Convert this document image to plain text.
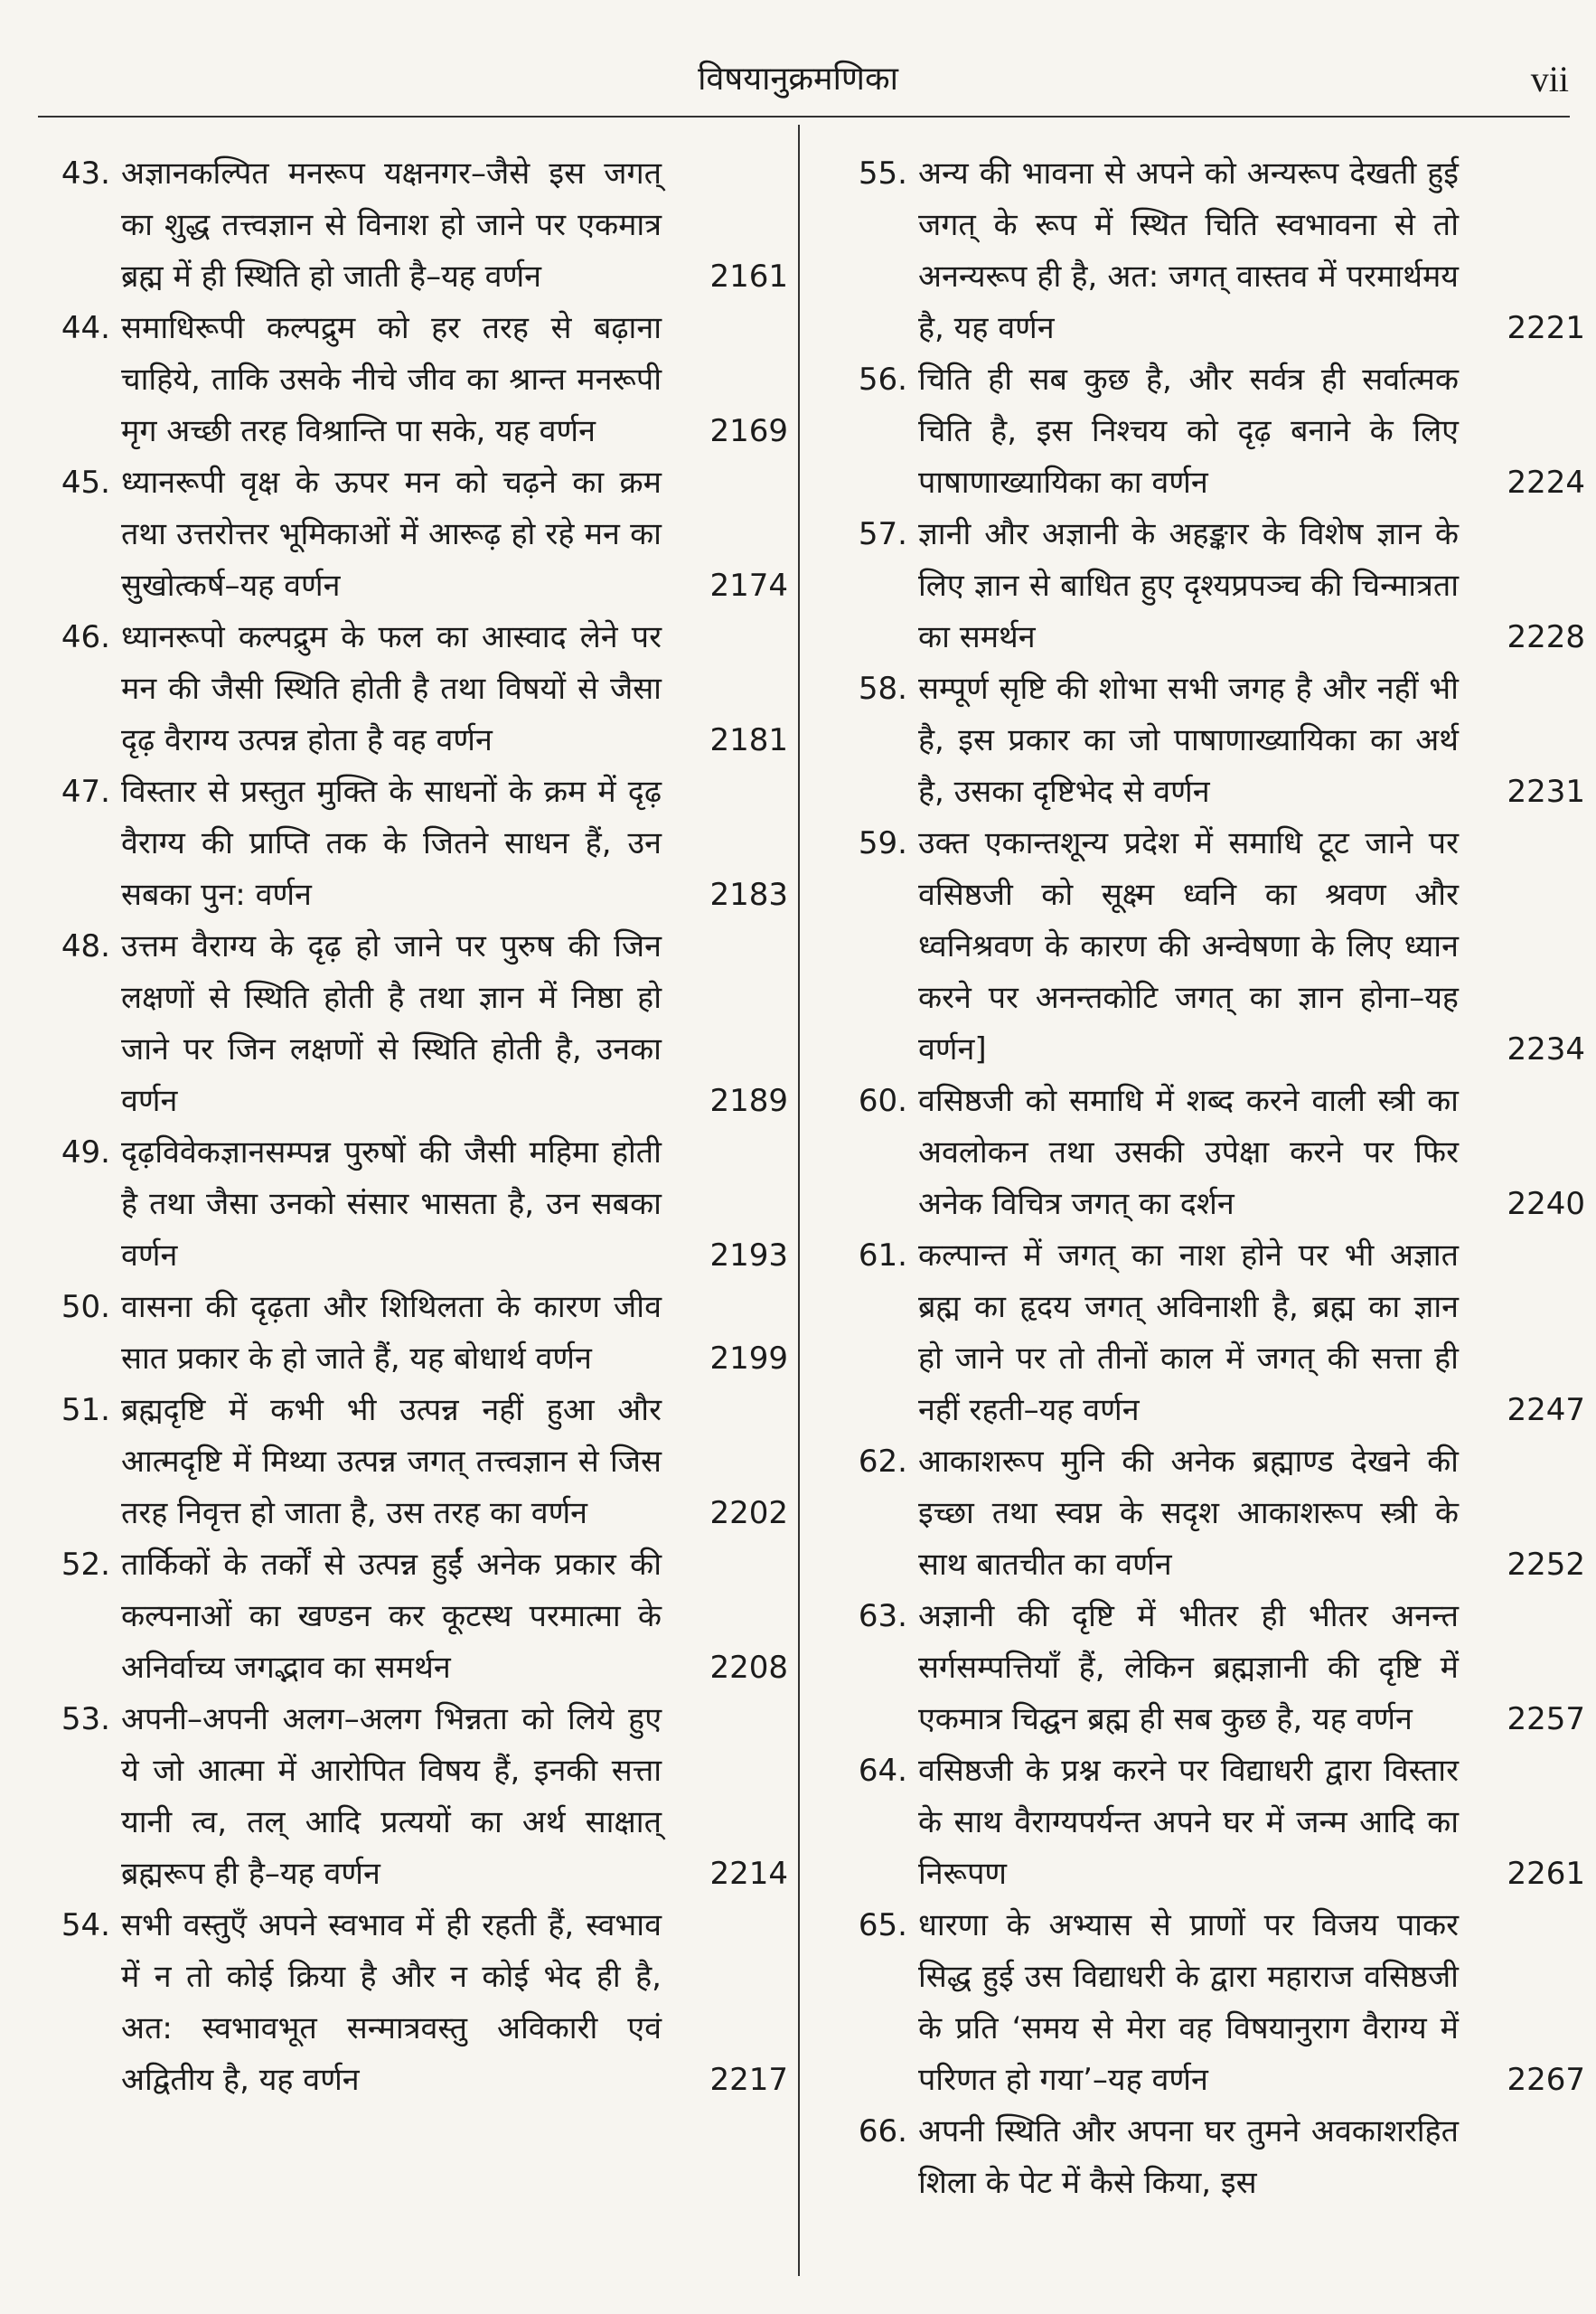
विषयानुक्रमणिका	vii
43. अज्ञानकल्पित मनरूप यक्षनगर–जैसे इस जगत् का शुद्ध तत्त्वज्ञान से विनाश हो जाने पर एकमात्र ब्रह्म में ही स्थिति हो जाती है–यह वर्णन	2161
44. समाधिरूपी कल्पद्रुम को हर तरह से बढ़ाना चाहिये, ताकि उसके नीचे जीव का श्रान्त मनरूपी मृग अच्छी तरह विश्रान्ति पा सके, यह वर्णन	2169
45. ध्यानरूपी वृक्ष के ऊपर मन को चढ़ने का क्रम तथा उत्तरोत्तर भूमिकाओं में आरूढ़ हो रहे मन का सुखोत्कर्ष–यह वर्णन	2174
46. ध्यानरूपो कल्पद्रुम के फल का आस्वाद लेने पर मन की जैसी स्थिति होती है तथा विषयों से जैसा दृढ़ वैराग्य उत्पन्न होता है वह वर्णन	2181
47. विस्तार से प्रस्तुत मुक्ति के साधनों के क्रम में दृढ़ वैराग्य की प्राप्ति तक के जितने साधन हैं, उन सबका पुन: वर्णन	2183
48. उत्तम वैराग्य के दृढ़ हो जाने पर पुरुष की जिन लक्षणों से स्थिति होती है तथा ज्ञान में निष्ठा हो जाने पर जिन लक्षणों से स्थिति होती है, उनका वर्णन	2189
49. दृढ़विवेकज्ञानसम्पन्न पुरुषों की जैसी महिमा होती है तथा जैसा उनको संसार भासता है, उन सबका वर्णन	2193
50. वासना की दृढ़ता और शिथिलता के कारण जीव सात प्रकार के हो जाते हैं, यह बोधार्थ वर्णन	2199
51. ब्रह्मदृष्टि में कभी भी उत्पन्न नहीं हुआ और आत्मदृष्टि में मिथ्या उत्पन्न जगत् तत्त्वज्ञान से जिस तरह निवृत्त हो जाता है, उस तरह का वर्णन	2202
52. तार्किकों के तर्कों से उत्पन्न हुईं अनेक प्रकार की कल्पनाओं का खण्डन कर कूटस्थ परमात्मा के अनिर्वाच्य जगद्भाव का समर्थन	2208
53. अपनी–अपनी अलग–अलग भिन्नता को लिये हुए ये जो आत्मा में आरोपित विषय हैं, इनकी सत्ता यानी त्व, तल् आदि प्रत्ययों का अर्थ साक्षात् ब्रह्मरूप ही है–यह वर्णन	2214
54. सभी वस्तुएँ अपने स्वभाव में ही रहती हैं, स्वभाव में न तो कोई क्रिया है और न कोई भेद ही है, अत: स्वभावभूत सन्मात्रवस्तु अविकारी एवं अद्वितीय है, यह वर्णन	2217
55. अन्य की भावना से अपने को अन्यरूप देखती हुई जगत् के रूप में स्थित चिति स्वभावना से तो अनन्यरूप ही है, अत: जगत् वास्तव में परमार्थमय है, यह वर्णन	2221
56. चिति ही सब कुछ है, और सर्वत्र ही सर्वात्मक चिति है, इस निश्चय को दृढ़ बनाने के लिए पाषाणाख्यायिका का वर्णन	2224
57. ज्ञानी और अज्ञानी के अहङ्कार के विशेष ज्ञान के लिए ज्ञान से बाधित हुए दृश्यप्रपञ्च की चिन्मात्रता का समर्थन	2228
58. सम्पूर्ण सृष्टि की शोभा सभी जगह है और नहीं भी है, इस प्रकार का जो पाषाणाख्यायिका का अर्थ है, उसका दृष्टिभेद से वर्णन	2231
59. उक्त एकान्तशून्य प्रदेश में समाधि टूट जाने पर वसिष्ठजी को सूक्ष्म ध्वनि का श्रवण और ध्वनिश्रवण के कारण की अन्वेषणा के लिए ध्यान करने पर अनन्तकोटि जगत् का ज्ञान होना–यह वर्णन]	2234
60. वसिष्ठजी को समाधि में शब्द करने वाली स्त्री का अवलोकन तथा उसकी उपेक्षा करने पर फिर अनेक विचित्र जगत् का दर्शन	2240
61. कल्पान्त में जगत् का नाश होने पर भी अज्ञात ब्रह्म का हृदय जगत् अविनाशी है, ब्रह्म का ज्ञान हो जाने पर तो तीनों काल में जगत् की सत्ता ही नहीं रहती–यह वर्णन	2247
62. आकाशरूप मुनि की अनेक ब्रह्माण्ड देखने की इच्छा तथा स्वप्न के सदृश आकाशरूप स्त्री के साथ बातचीत का वर्णन	2252
63. अज्ञानी की दृष्टि में भीतर ही भीतर अनन्त सर्गसम्पत्तियाँ हैं, लेकिन ब्रह्मज्ञानी की दृष्टि में एकमात्र चिद्घन ब्रह्म ही सब कुछ है, यह वर्णन	2257
64. वसिष्ठजी के प्रश्न करने पर विद्याधरी द्वारा विस्तार के साथ वैराग्यपर्यन्त अपने घर में जन्म आदि का निरूपण	2261
65. धारणा के अभ्यास से प्राणों पर विजय पाकर सिद्ध हुई उस विद्याधरी के द्वारा महाराज वसिष्ठजी के प्रति ‘समय से मेरा वह विषयानुराग वैराग्य में परिणत हो गया’–यह वर्णन	2267
66. अपनी स्थिति और अपना घर तुमने अवकाशरहित शिला के पेट में कैसे किया, इस
